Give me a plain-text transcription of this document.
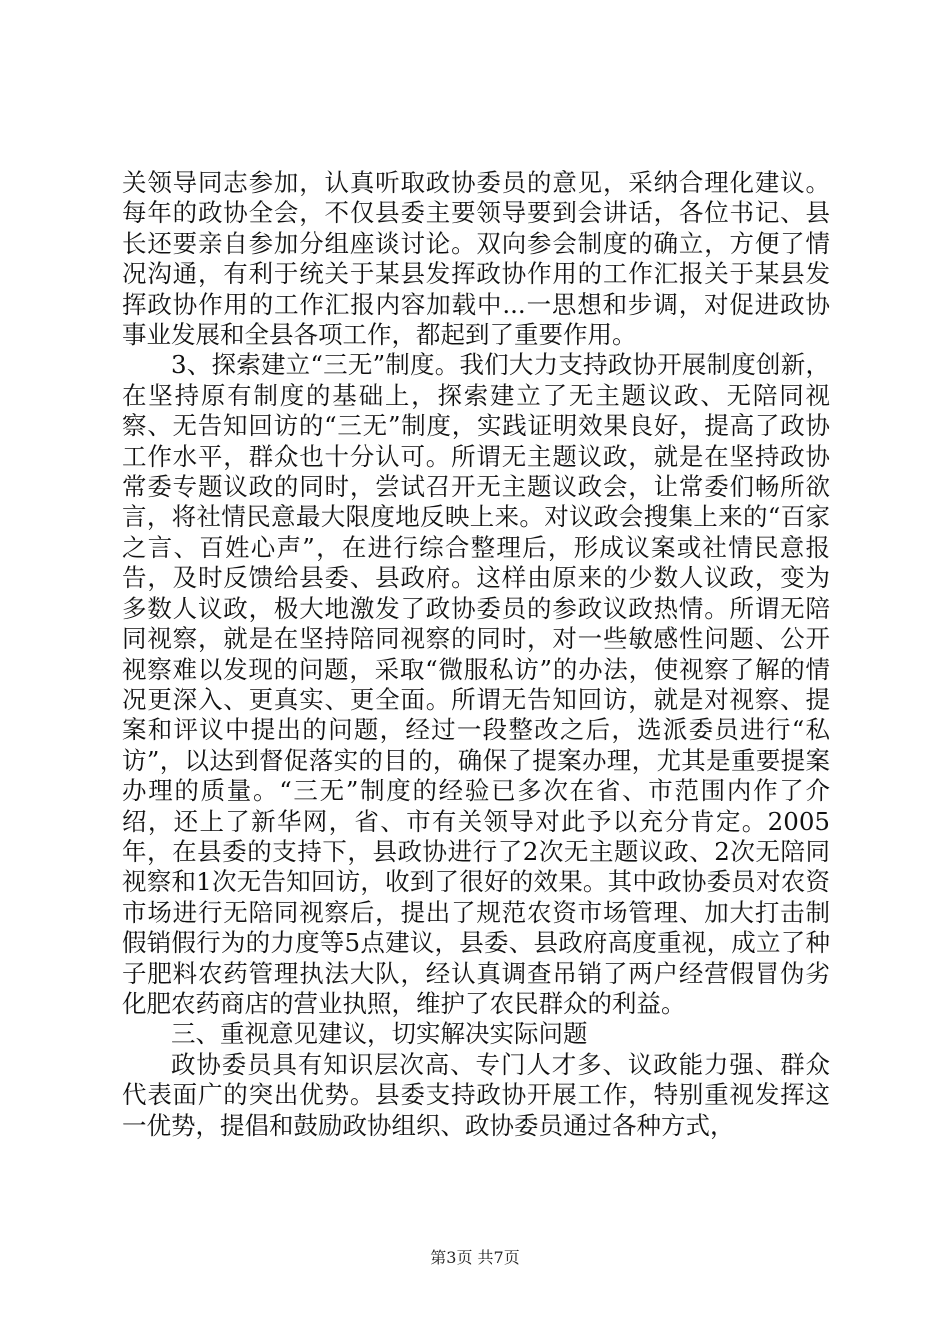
关领导同志参加，认真听取政协委员的意见，采纳合理化建议。每年的政协全会，不仅县委主要领导要到会讲话，各位书记、县长还要亲自参加分组座谈讨论。双向参会制度的确立，方便了情况沟通，有利于统关于某县发挥政协作用的工作汇报关于某县发挥政协作用的工作汇报内容加载中...一思想和步调，对促进政协事业发展和全县各项工作，都起到了重要作用。

3、探索建立“三无”制度。我们大力支持政协开展制度创新，在坚持原有制度的基础上，探索建立了无主题议政、无陪同视察、无告知回访的“三无”制度，实践证明效果良好，提高了政协工作水平，群众也十分认可。所谓无主题议政，就是在坚持政协常委专题议政的同时，尝试召开无主题议政会，让常委们畅所欲言，将社情民意最大限度地反映上来。对议政会搜集上来的“百家之言、百姓心声”，在进行综合整理后，形成议案或社情民意报告，及时反馈给县委、县政府。这样由原来的少数人议政，变为多数人议政，极大地激发了政协委员的参政议政热情。所谓无陪同视察，就是在坚持陪同视察的同时，对一些敏感性问题、公开视察难以发现的问题，采取“微服私访”的办法，使视察了解的情况更深入、更真实、更全面。所谓无告知回访，就是对视察、提案和评议中提出的问题，经过一段整改之后，选派委员进行“私访”，以达到督促落实的目的，确保了提案办理，尤其是重要提案办理的质量。“三无”制度的经验已多次在省、市范围内作了介绍，还上了新华网，省、市有关领导对此予以充分肯定。2005年，在县委的支持下，县政协进行了2次无主题议政、2次无陪同视察和1次无告知回访，收到了很好的效果。其中政协委员对农资市场进行无陪同视察后，提出了规范农资市场管理、加大打击制假销假行为的力度等5点建议，县委、县政府高度重视，成立了种子肥料农药管理执法大队，经认真调查吊销了两户经营假冒伪劣化肥农药商店的营业执照，维护了农民群众的利益。

三、重视意见建议，切实解决实际问题

政协委员具有知识层次高、专门人才多、议政能力强、群众代表面广的突出优势。县委支持政协开展工作，特别重视发挥这一优势，提倡和鼓励政协组织、政协委员通过各种方式，

第3页 共7页
